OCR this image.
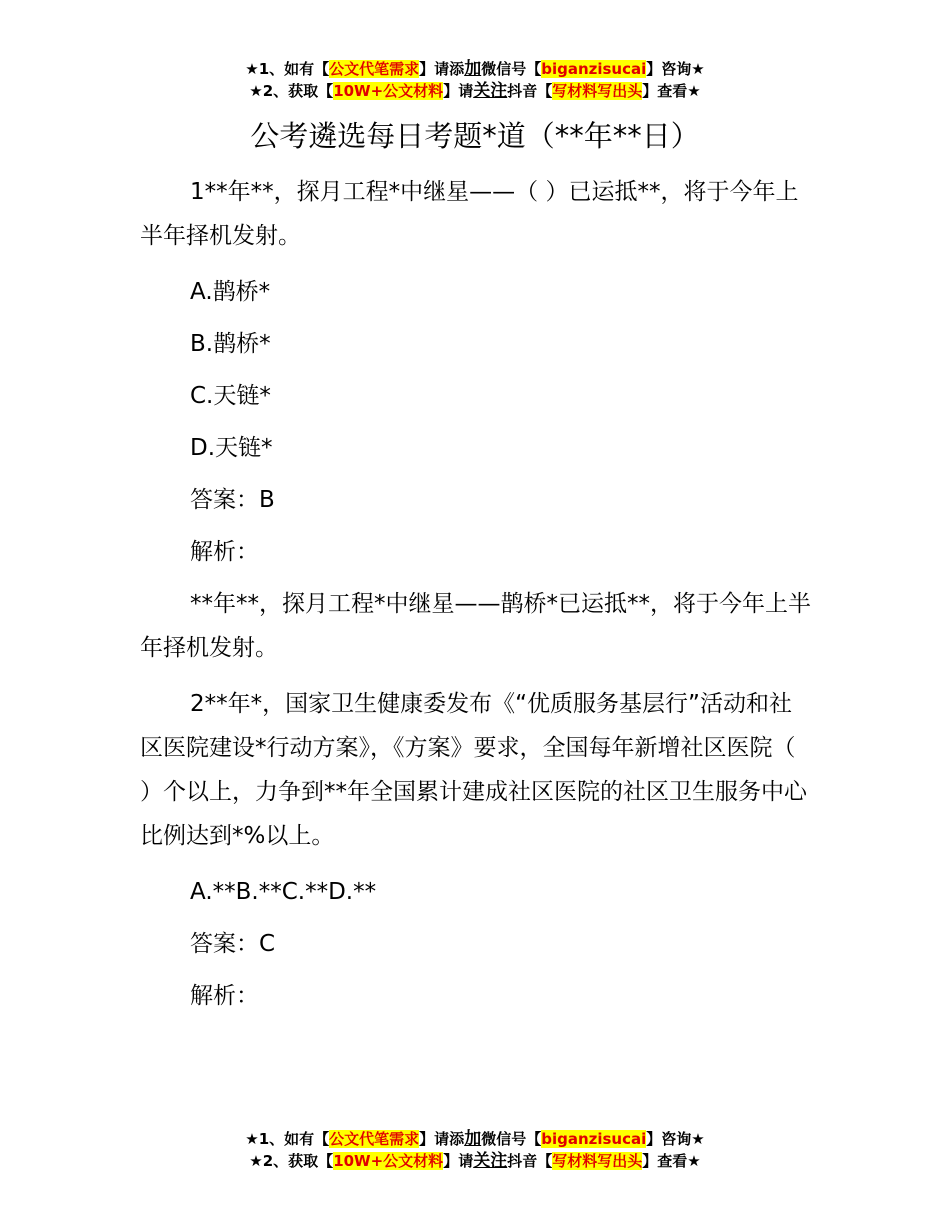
★1、如有【公文代笔需求】请添加微信号【biganzisucai】咨询★
★2、获取【10W+公文材料】请关注抖音【写材料写出头】查看★
公考遴选每日考题*道（**年**日）

1**年**，探月工程*中继星——（ ）已运抵**，将于今年上半年择机发射。

A.鹊桥*

B.鹊桥*

C.天链*

D.天链*

答案：B

解析：

**年**，探月工程*中继星——鹊桥*已运抵**，将于今年上半年择机发射。

2**年*，国家卫生健康委发布《“优质服务基层行”活动和社区医院建设*行动方案》，《方案》要求，全国每年新增社区医院（ ）个以上，力争到**年全国累计建成社区医院的社区卫生服务中心比例达到*%以上。

A.**B.**C.**D.**

答案：C

解析：

★1、如有【公文代笔需求】请添加微信号【biganzisucai】咨询★
★2、获取【10W+公文材料】请关注抖音【写材料写出头】查看★
